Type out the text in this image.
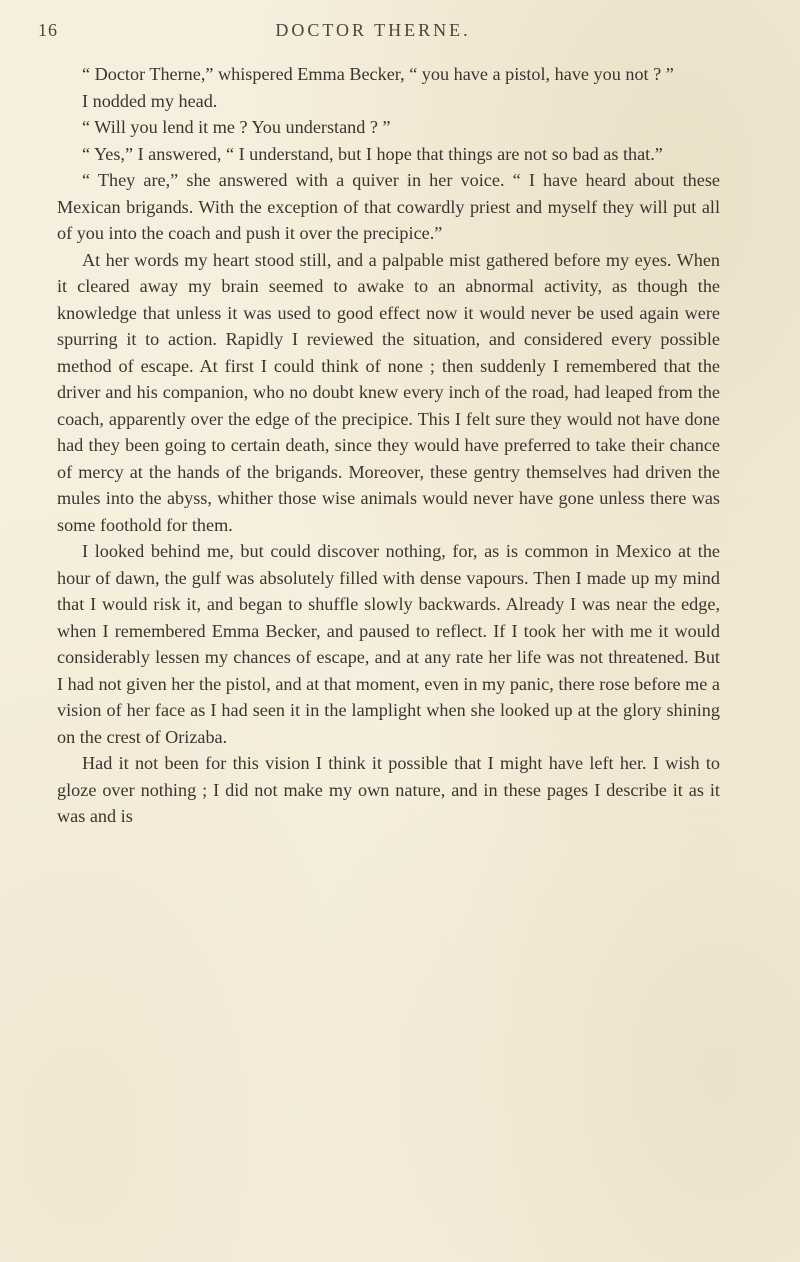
16	DOCTOR THERNE.

“ Doctor Therne,” whispered Emma Becker, “ you have a pistol, have you not ? ”

I nodded my head.

“ Will you lend it me ? You understand ? ”

“ Yes,” I answered, “ I understand, but I hope that things are not so bad as that.”

“ They are,” she answered with a quiver in her voice. “ I have heard about these Mexican brigands. With the exception of that cowardly priest and myself they will put all of you into the coach and push it over the precipice.”

At her words my heart stood still, and a palpable mist gathered before my eyes. When it cleared away my brain seemed to awake to an abnormal activity, as though the knowledge that unless it was used to good effect now it would never be used again were spurring it to action. Rapidly I reviewed the situation, and considered every possible method of escape. At first I could think of none ; then suddenly I remembered that the driver and his companion, who no doubt knew every inch of the road, had leaped from the coach, apparently over the edge of the precipice. This I felt sure they would not have done had they been going to certain death, since they would have preferred to take their chance of mercy at the hands of the brigands. Moreover, these gentry themselves had driven the mules into the abyss, whither those wise animals would never have gone unless there was some foothold for them.

I looked behind me, but could discover nothing, for, as is common in Mexico at the hour of dawn, the gulf was absolutely filled with dense vapours. Then I made up my mind that I would risk it, and began to shuffle slowly backwards. Already I was near the edge, when I remembered Emma Becker, and paused to reflect. If I took her with me it would considerably lessen my chances of escape, and at any rate her life was not threatened. But I had not given her the pistol, and at that moment, even in my panic, there rose before me a vision of her face as I had seen it in the lamplight when she looked up at the glory shining on the crest of Orizaba.

Had it not been for this vision I think it possible that I might have left her. I wish to gloze over nothing ; I did not make my own nature, and in these pages I describe it as it was and is
